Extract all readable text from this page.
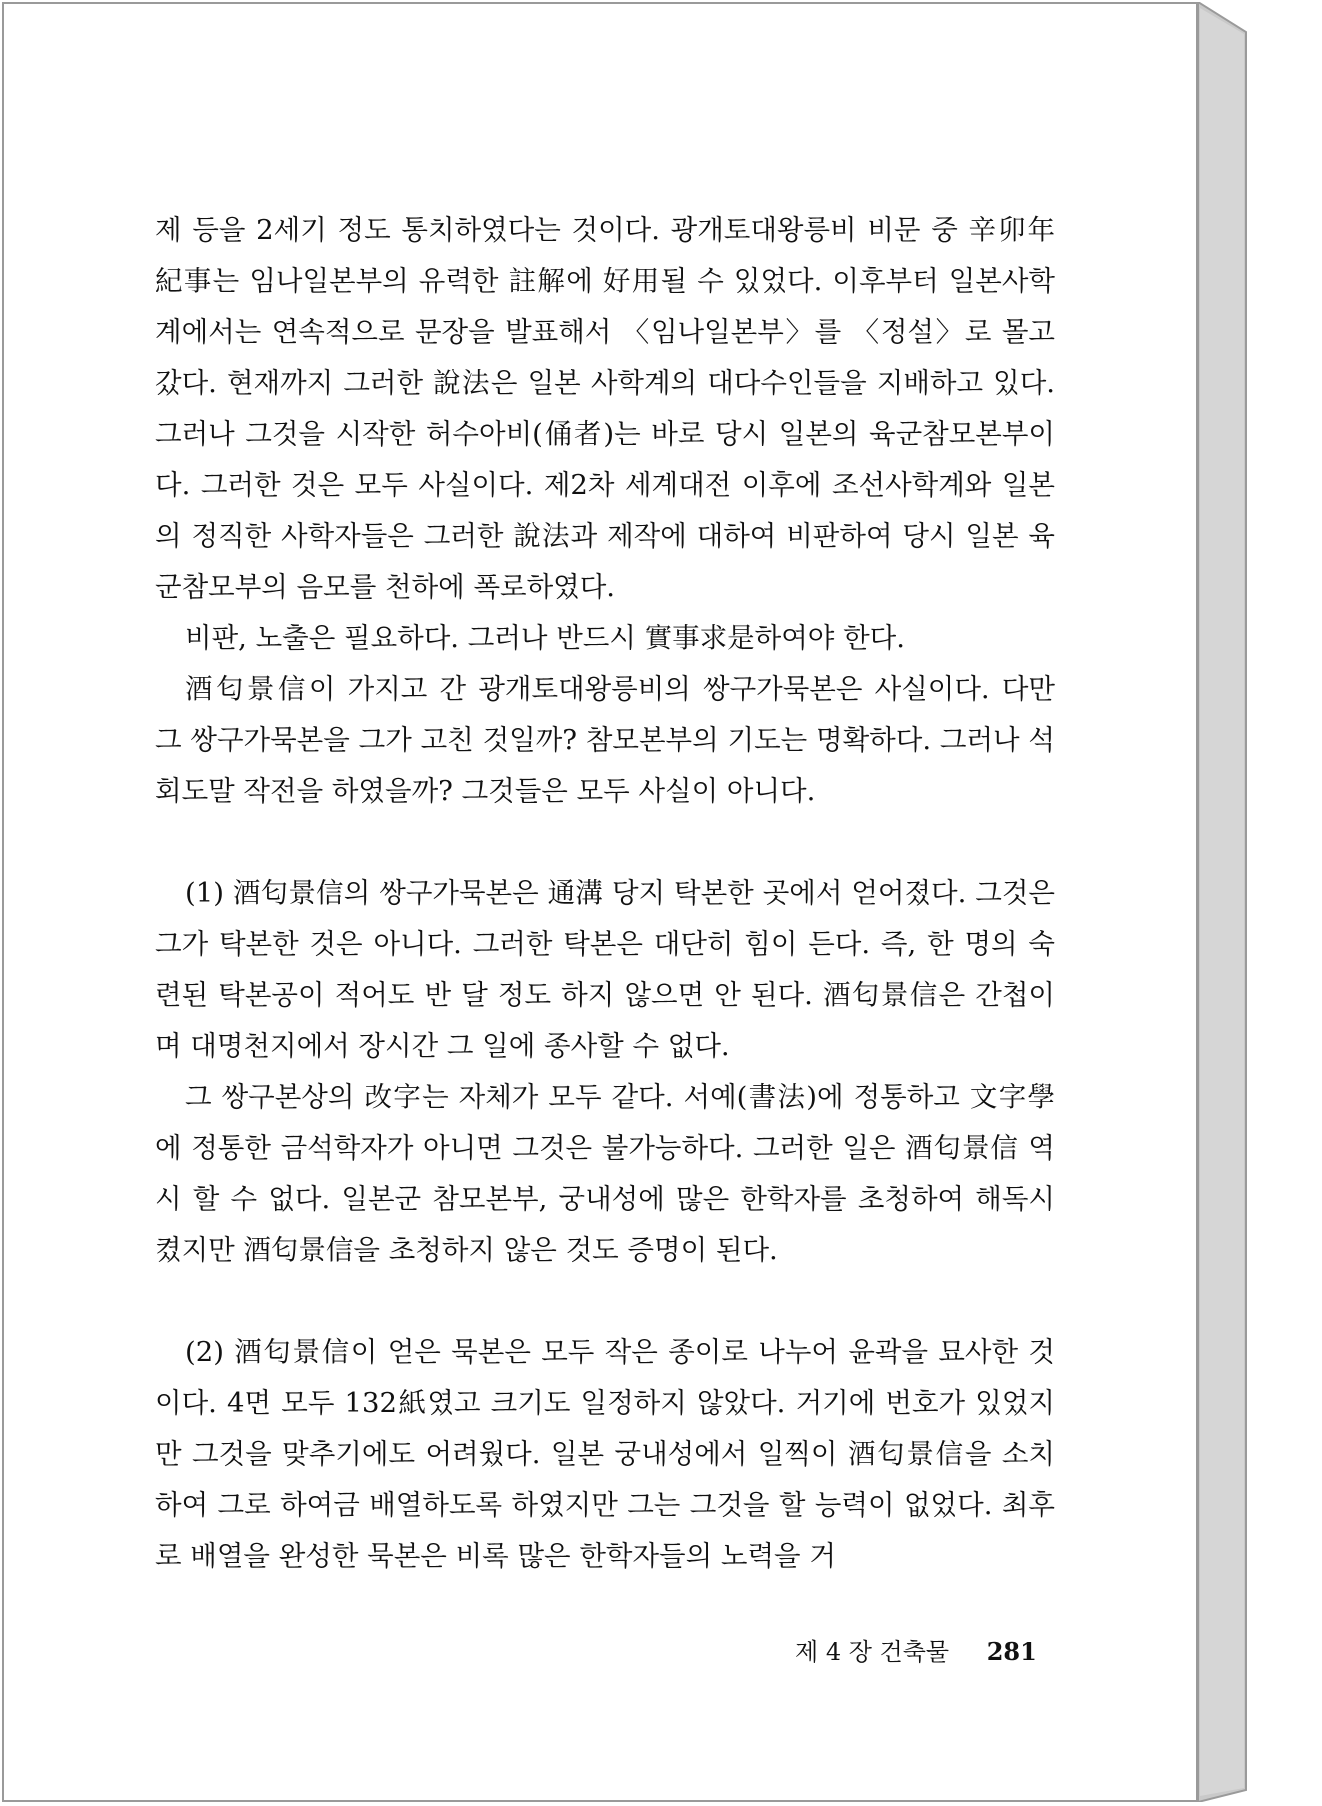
제 등을 2세기 정도 통치하였다는 것이다. 광개토대왕릉비 비문 중 辛卯年紀事는 임나일본부의 유력한 註解에 好用될 수 있었다. 이후부터 일본사학계에서는 연속적으로 문장을 발표해서 〈임나일본부〉를 〈정설〉로 몰고 갔다. 현재까지 그러한 說法은 일본 사학계의 대다수인들을 지배하고 있다. 그러나 그것을 시작한 허수아비(俑者)는 바로 당시 일본의 육군참모본부이다. 그러한 것은 모두 사실이다. 제2차 세계대전 이후에 조선사학계와 일본의 정직한 사학자들은 그러한 說法과 제작에 대하여 비판하여 당시 일본 육군참모부의 음모를 천하에 폭로하였다.

비판, 노출은 필요하다. 그러나 반드시 實事求是하여야 한다.

酒匂景信이 가지고 간 광개토대왕릉비의 쌍구가묵본은 사실이다. 다만 그 쌍구가묵본을 그가 고친 것일까? 참모본부의 기도는 명확하다. 그러나 석회도말 작전을 하였을까? 그것들은 모두 사실이 아니다.

(1) 酒匂景信의 쌍구가묵본은 通溝 당지 탁본한 곳에서 얻어졌다. 그것은 그가 탁본한 것은 아니다. 그러한 탁본은 대단히 힘이 든다. 즉, 한 명의 숙련된 탁본공이 적어도 반 달 정도 하지 않으면 안 된다. 酒匂景信은 간첩이며 대명천지에서 장시간 그 일에 종사할 수 없다.

그 쌍구본상의 改字는 자체가 모두 같다. 서예(書法)에 정통하고 文字學에 정통한 금석학자가 아니면 그것은 불가능하다. 그러한 일은 酒匂景信 역시 할 수 없다. 일본군 참모본부, 궁내성에 많은 한학자를 초청하여 해독시켰지만 酒匂景信을 초청하지 않은 것도 증명이 된다.

(2) 酒匂景信이 얻은 묵본은 모두 작은 종이로 나누어 윤곽을 묘사한 것이다. 4면 모두 132紙였고 크기도 일정하지 않았다. 거기에 번호가 있었지만 그것을 맞추기에도 어려웠다. 일본 궁내성에서 일찍이 酒匂景信을 소치하여 그로 하여금 배열하도록 하였지만 그는 그것을 할 능력이 없었다. 최후로 배열을 완성한 묵본은 비록 많은 한학자들의 노력을 거

제 4 장 건축물 281
